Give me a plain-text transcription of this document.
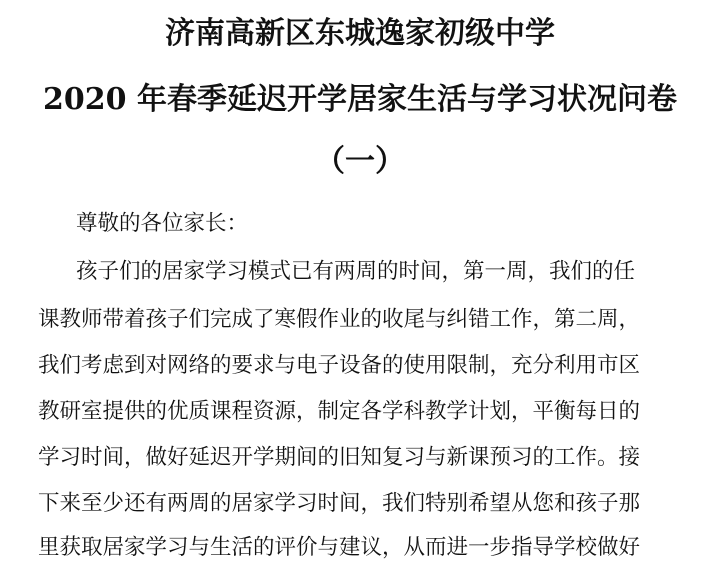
济南高新区东城逸家初级中学
2020 年春季延迟开学居家生活与学习状况问卷
（一）
尊敬的各位家长：
孩子们的居家学习模式已有两周的时间，第一周，我们的任
课教师带着孩子们完成了寒假作业的收尾与纠错工作，第二周，
我们考虑到对网络的要求与电子设备的使用限制，充分利用市区
教研室提供的优质课程资源，制定各学科教学计划，平衡每日的
学习时间，做好延迟开学期间的旧知复习与新课预习的工作。接
下来至少还有两周的居家学习时间，我们特别希望从您和孩子那
里获取居家学习与生活的评价与建议，从而进一步指导学校做好
